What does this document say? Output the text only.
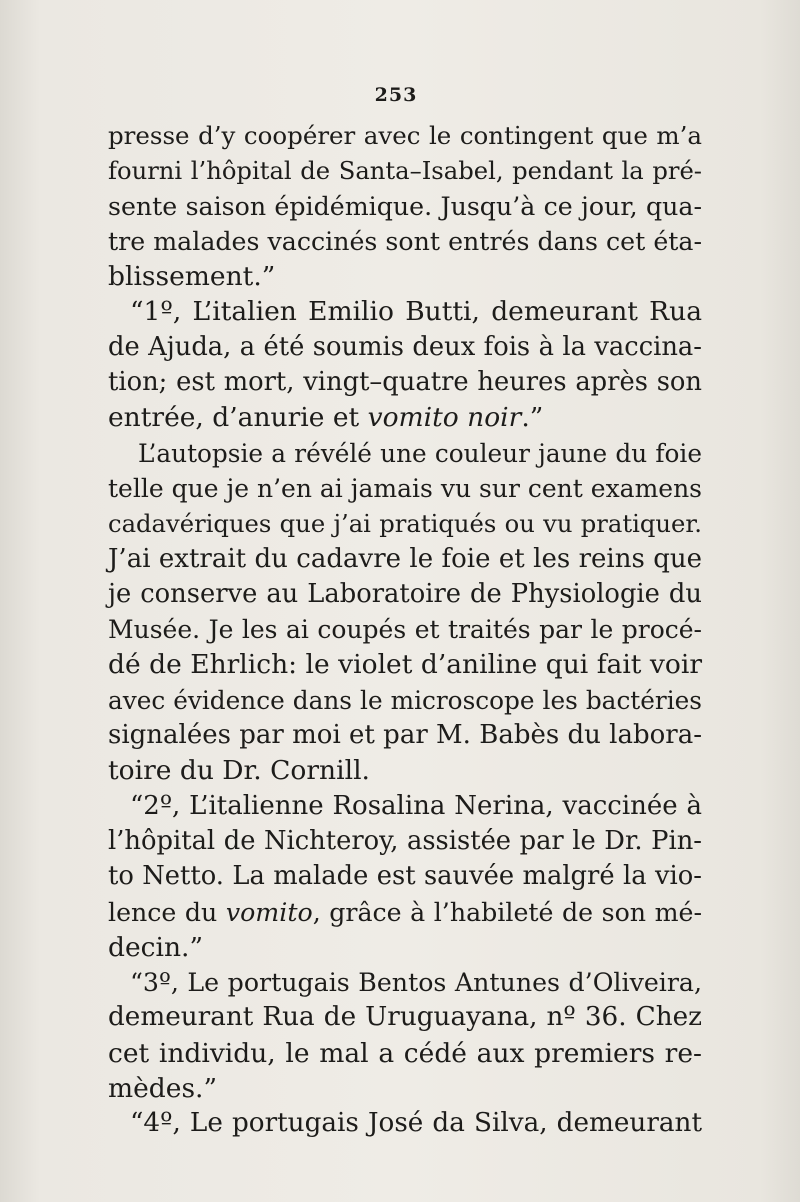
253
presse d’y coopérer avec le contingent que m’a
fourni l’hôpital de Santa–Isabel, pendant la pré-
sente saison épidémique. Jusqu’à ce jour, qua-
tre malades vaccinés sont entrés dans cet éta-
blissement.”
“1º, L’italien Emilio Butti, demeurant Rua
de Ajuda, a été soumis deux fois à la vaccina-
tion; est mort, vingt–quatre heures après son
entrée, d’anurie et vomito noir.”
L’autopsie a révélé une couleur jaune du foie
telle que je n’en ai jamais vu sur cent examens
cadavériques que j’ai pratiqués ou vu pratiquer.
J’ai extrait du cadavre le foie et les reins que
je conserve au Laboratoire de Physiologie du
Musée. Je les ai coupés et traités par le procé-
dé de Ehrlich: le violet d’aniline qui fait voir
avec évidence dans le microscope les bactéries
signalées par moi et par M. Babès du labora-
toire du Dr. Cornill.
“2º, L’italienne Rosalina Nerina, vaccinée à
l’hôpital de Nichteroy, assistée par le Dr. Pin-
to Netto. La malade est sauvée malgré la vio-
lence du vomito, grâce à l’habileté de son mé-
decin.”
“3º, Le portugais Bentos Antunes d’Oliveira,
demeurant Rua de Uruguayana, nº 36. Chez
cet individu, le mal a cédé aux premiers re-
mèdes.”
“4º, Le portugais José da Silva, demeurant
